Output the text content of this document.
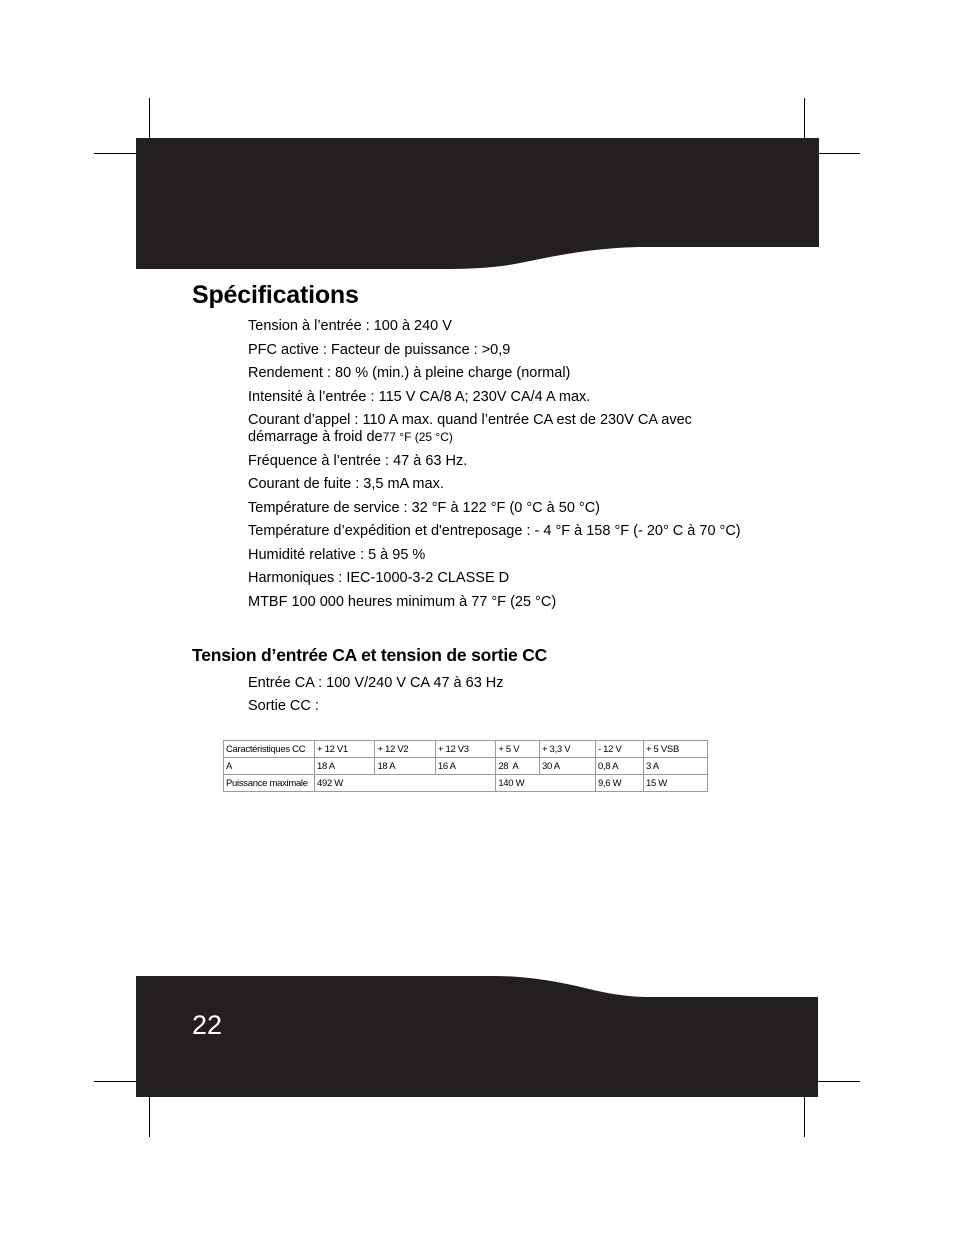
Spécifications
Tension à l’entrée : 100 à 240 V
PFC active : Facteur de puissance : >0,9
Rendement : 80 % (min.) à pleine charge (normal)
Intensité à l’entrée : 115 V CA/8 A; 230V CA/4 A max.
Courant d’appel : 110 A max. quand l’entrée CA est de 230V CA avec démarrage à froid de77 °F (25 °C)
Fréquence à l’entrée : 47 à 63 Hz.
Courant de fuite : 3,5 mA max.
Température de service : 32 °F à 122 °F (0 °C à 50 °C)
Température d’expédition et d'entreposage : - 4 °F à 158 °F (- 20° C à 70 °C)
Humidité relative : 5 à 95 %
Harmoniques : IEC-1000-3-2 CLASSE D
MTBF 100 000 heures minimum à 77 °F (25 °C)
Tension d’entrée CA et tension de sortie CC
Entrée CA : 100 V/240 V CA 47 à 63 Hz
Sortie CC :
Caractéristiques CC	+ 12 V1	+ 12 V2	+ 12 V3	+ 5 V	+ 3,3 V	- 12 V	+ 5 VSB
A	18 A	18 A	16 A	28  A	30 A	0,8 A	3 A
Puissance maximale	492 W			140 W		9,6 W	15 W
22
